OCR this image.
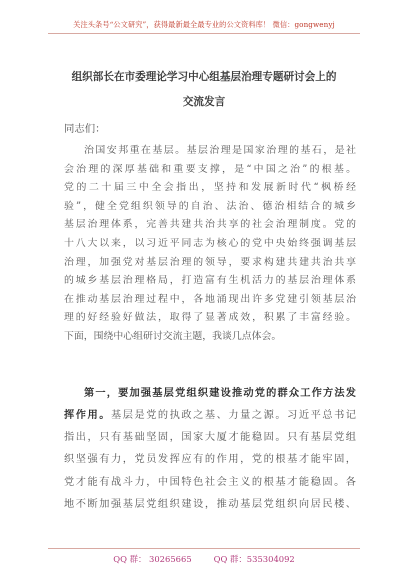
关注头条号“公文研究”，获得最新最全最专业的公文资料库！ 微信：gongwenyj
组织部长在市委理论学习中心组基层治理专题研讨会上的
交流发言
同志们：
治国安邦重在基层。基层治理是国家治理的基石，是社
会治理的深厚基础和重要支撑，是“中国之治”的根基。
党的二十届三中全会指出，坚持和发展新时代“枫桥经
验”，健全党组织领导的自治、法治、德治相结合的城乡
基层治理体系，完善共建共治共享的社会治理制度。党的
十八大以来，以习近平同志为核心的党中央始终强调基层
治理，加强党对基层治理的领导，要求构建共建共治共享
的城乡基层治理格局，打造富有生机活力的基层治理体系
在推动基层治理过程中，各地涌现出许多党建引领基层治
理的好经验好做法，取得了显著成效，积累了丰富经验。
下面，围绕中心组研讨交流主题，我谈几点体会。
第一，要加强基层党组织建设推动党的群众工作方法发
挥作用。基层是党的执政之基、力量之源。习近平总书记
指出，只有基础坚固，国家大厦才能稳固。只有基层党组
织坚强有力，党员发挥应有的作用，党的根基才能牢固，
党才能有战斗力，中国特色社会主义的根基才能稳固。各
地不断加强基层党组织建设，推动基层党组织向居民楼、
QQ 群： 30265665	QQ 群：535304092
